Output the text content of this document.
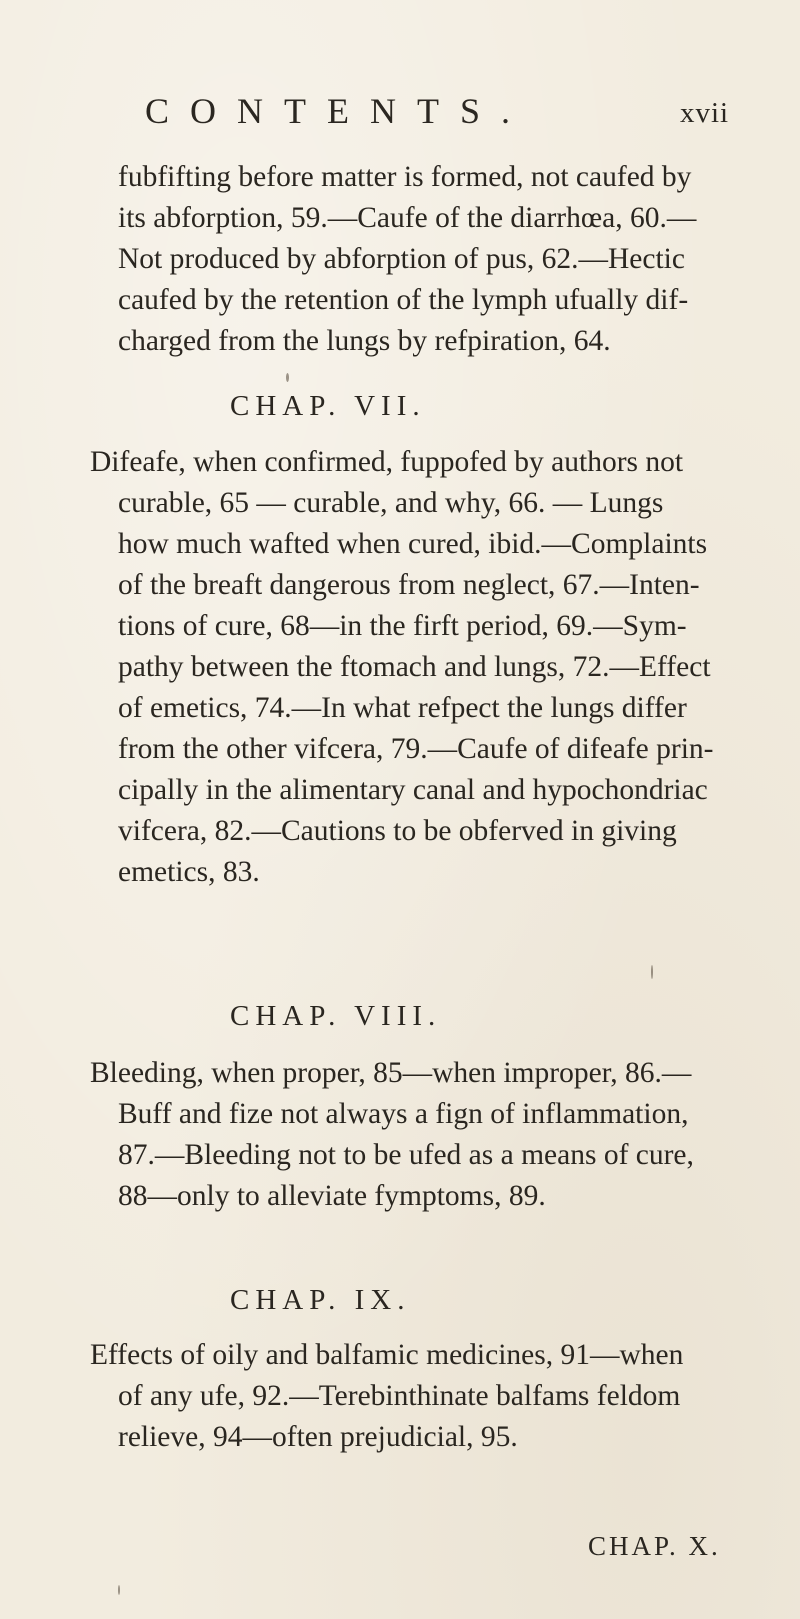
CONTENTS.	xvii
fubfifting before matter is formed, not caufed by
its abforption, 59.—Caufe of the diarrhœa, 60.—
Not produced by abforption of pus, 62.—Hectic
caufed by the retention of the lymph ufually dif-
charged from the lungs by refpiration, 64.
CHAP. VII.
Difeafe, when confirmed, fuppofed by authors not
curable, 65 — curable, and why, 66. — Lungs
how much wafted when cured, ibid.—Complaints
of the breaft dangerous from neglect, 67.—Inten-
tions of cure, 68—in the firft period, 69.—Sym-
pathy between the ftomach and lungs, 72.—Effect
of emetics, 74.—In what refpect the lungs differ
from the other vifcera, 79.—Caufe of difeafe prin-
cipally in the alimentary canal and hypochondriac
vifcera, 82.—Cautions to be obferved in giving
emetics, 83.
CHAP. VIII.
Bleeding, when proper, 85—when improper, 86.—
Buff and fize not always a fign of inflammation,
87.—Bleeding not to be ufed as a means of cure,
88—only to alleviate fymptoms, 89.
CHAP. IX.
Effects of oily and balfamic medicines, 91—when
of any ufe, 92.—Terebinthinate balfams feldom
relieve, 94—often prejudicial, 95.
CHAP. X.
